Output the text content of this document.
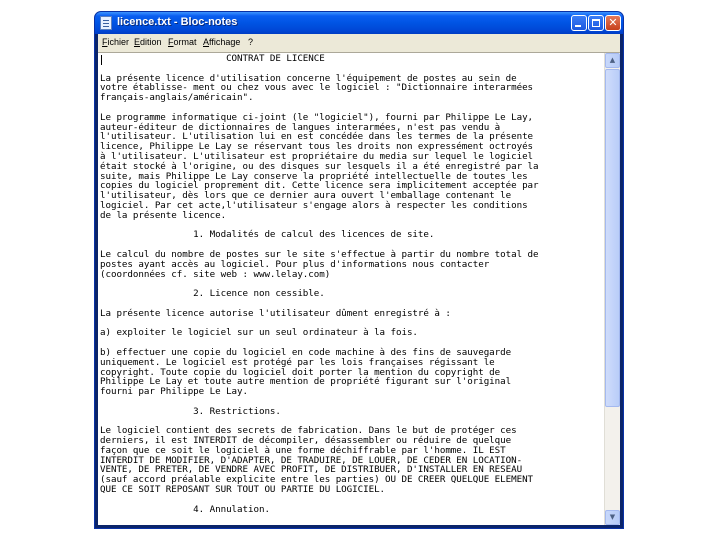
licence.txt - Bloc-notes	✕
Fichier Edition Format Affichage ?
CONTRAT DE LICENCE

La présente licence d'utilisation concerne l'équipement de postes au sein de
votre établisse- ment ou chez vous avec le logiciel : "Dictionnaire interarmées
français-anglais/américain".

Le programme informatique ci-joint (le "logiciel"), fourni par Philippe Le Lay,
auteur-éditeur de dictionnaires de langues interarmées, n'est pas vendu à
l'utilisateur. L'utilisation lui en est concédée dans les termes de la présente
licence, Philippe Le Lay se réservant tous les droits non expressément octroyés
à l'utilisateur. L'utilisateur est propriétaire du media sur lequel le logiciel
était stocké à l'origine, ou des disques sur lesquels il a été enregistré par la
suite, mais Philippe Le Lay conserve la propriété intellectuelle de toutes les
copies du logiciel proprement dit. Cette licence sera implicitement acceptée par
l'utilisateur, dès lors que ce dernier aura ouvert l'emballage contenant le
logiciel. Par cet acte,l'utilisateur s'engage alors à respecter les conditions
de la présente licence.

1. Modalités de calcul des licences de site.

Le calcul du nombre de postes sur le site s'effectue à partir du nombre total de
postes ayant accès au logiciel. Pour plus d'informations nous contacter
(coordonnées cf. site web : www.lelay.com)

2. Licence non cessible.

La présente licence autorise l'utilisateur dûment enregistré à :

a) exploiter le logiciel sur un seul ordinateur à la fois.

b) effectuer une copie du logiciel en code machine à des fins de sauvegarde
uniquement. Le logiciel est protégé par les lois françaises régissant le
copyright. Toute copie du logiciel doit porter la mention du copyright de
Philippe Le Lay et toute autre mention de propriété figurant sur l'original
fourni par Philippe Le Lay.

3. Restrictions.

Le logiciel contient des secrets de fabrication. Dans le but de protéger ces
derniers, il est INTERDIT de décompiler, désassembler ou réduire de quelque
façon que ce soit le logiciel à une forme déchiffrable par l'homme. IL EST
INTERDIT DE MODIFIER, D'ADAPTER, DE TRADUIRE, DE LOUER, DE CEDER EN LOCATION-
VENTE, DE PRETER, DE VENDRE AVEC PROFIT, DE DISTRIBUER, D'INSTALLER EN RESEAU
(sauf accord préalable explicite entre les parties) OU DE CREER QUELQUE ELEMENT
QUE CE SOIT REPOSANT SUR TOUT OU PARTIE DU LOGICIEL.

4. Annulation.
▲
▼
